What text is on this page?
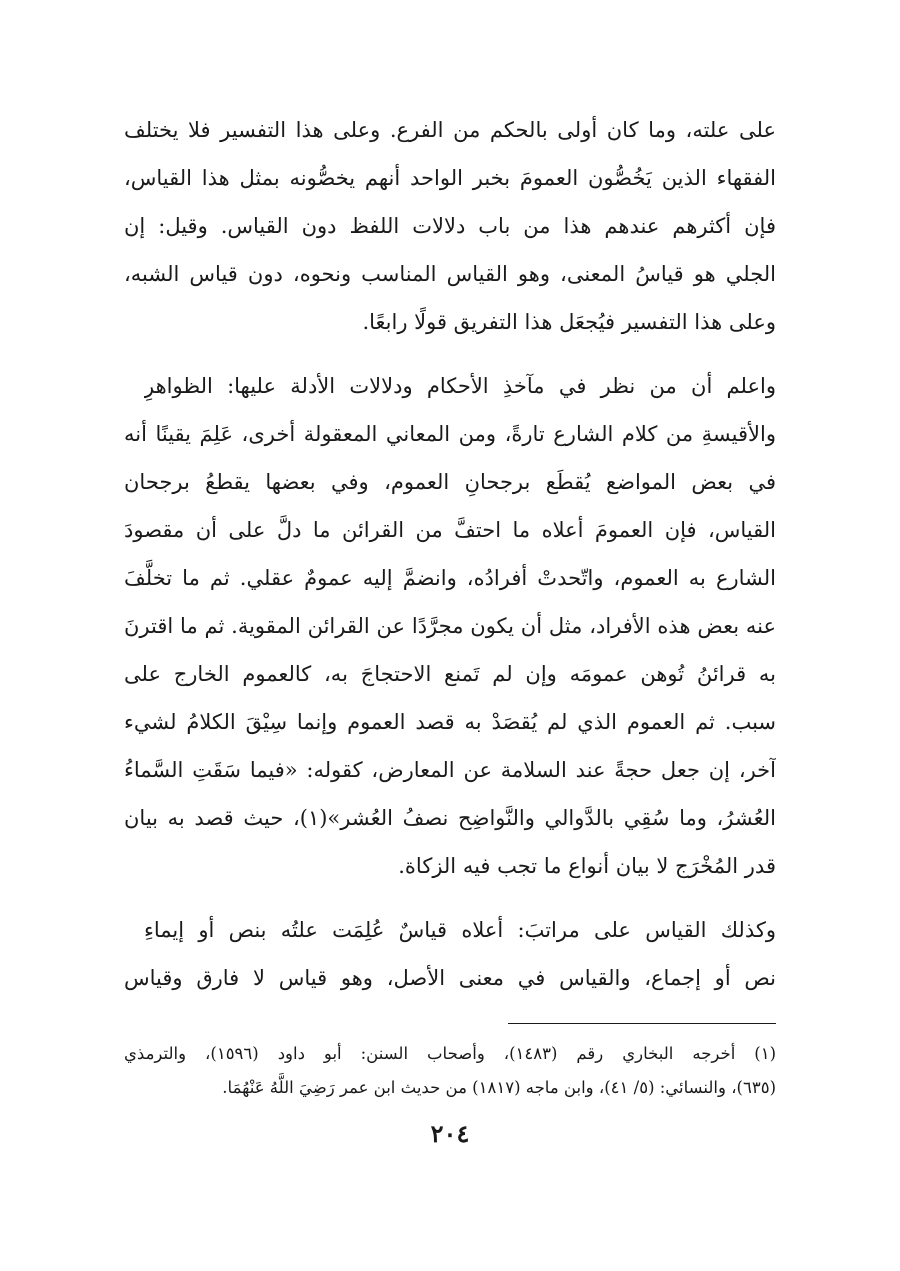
على علته، وما كان أولى بالحكم من الفرع. وعلى هذا التفسير فلا يختلف
الفقهاء الذين يَخُصُّون العمومَ بخبر الواحد أنهم يخصُّونه بمثل هذا القياس،
فإن أكثرهم عندهم هذا من باب دلالات اللفظ دون القياس. وقيل: إن
الجلي هو قياسُ المعنى، وهو القياس المناسب ونحوه، دون قياس الشبه،
وعلى هذا التفسير فيُجعَل هذا التفريق قولًا رابعًا.
واعلم أن من نظر في مآخذِ الأحكام ودلالات الأدلة عليها: الظواهرِ
والأقيسةِ من كلام الشارع تارةً، ومن المعاني المعقولة أخرى، عَلِمَ يقينًا أنه
في بعض المواضع يُقطَع برجحانِ العموم، وفي بعضها يقطعُ برجحان
القياس، فإن العمومَ أعلاه ما احتفَّ من القرائن ما دلَّ على أن مقصودَ
الشارع به العموم، واتّحدتْ أفرادُه، وانضمَّ إليه عمومٌ عقلي. ثم ما تخلَّفَ
عنه بعض هذه الأفراد، مثل أن يكون مجرَّدًا عن القرائن المقوية. ثم ما اقترنَ
به قرائنُ تُوهن عمومَه وإن لم تَمنع الاحتجاجَ به، كالعموم الخارج على
سبب. ثم العموم الذي لم يُقصَدْ به قصد العموم وإنما سِيْقَ الكلامُ لشيء
آخر، إن جعل حجةً عند السلامة عن المعارض، كقوله: «فيما سَقَتِ السَّماءُ
العُشرُ، وما سُقِي بالدَّوالي والنَّواضِح نصفُ العُشر»(١)، حيث قصد به بيان
قدر المُخْرَج لا بيان أنواع ما تجب فيه الزكاة.
وكذلك القياس على مراتبَ: أعلاه قياسٌ عُلِمَت علتُه بنص أو إيماءِ
نص أو إجماع، والقياس في معنى الأصل، وهو قياس لا فارق وقياس
(١) أخرجه البخاري رقم (١٤٨٣)، وأصحاب السنن: أبو داود (١٥٩٦)، والترمذي
(٦٣٥)، والنسائي: (٥/ ٤١)، وابن ماجه (١٨١٧) من حديث ابن عمر رَضِيَ اللَّهُ عَنْهُمَا.
٢٠٤
